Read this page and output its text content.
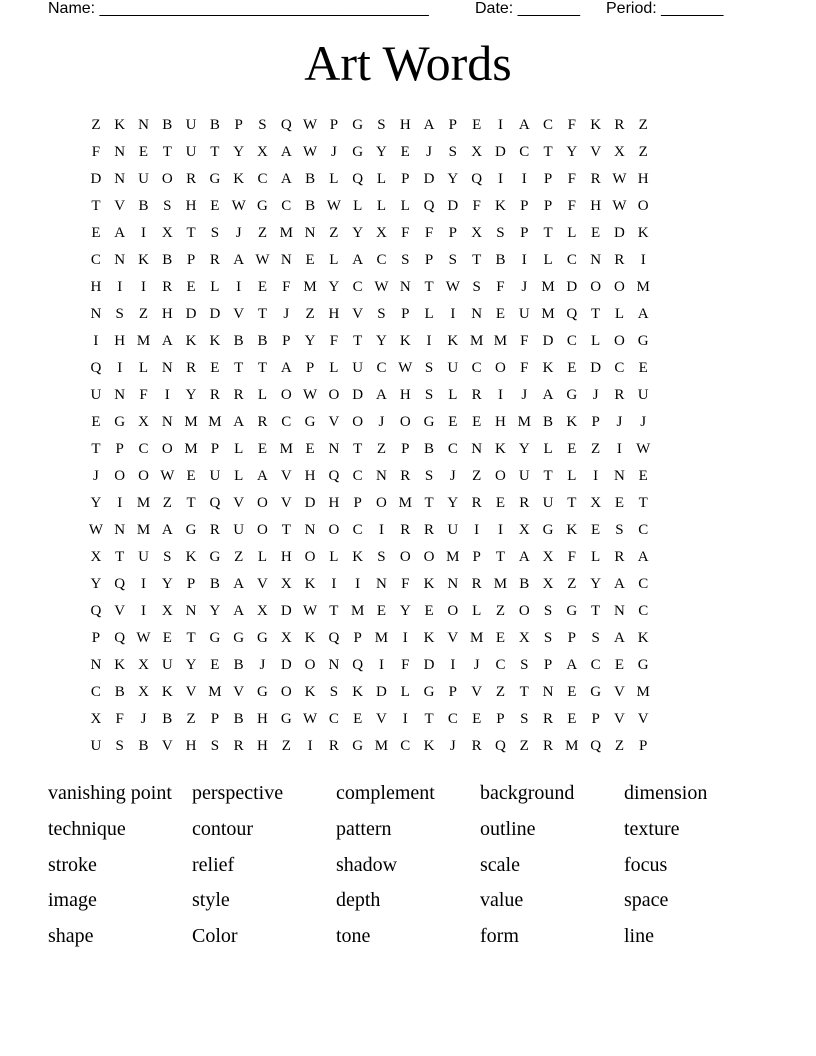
Name: _____________________________________

	Date: _______

Period: _______

Art Words
Z K N B U B P	S Q W P G S H A P	E	I	A C F K R Z
F N E T U T Y X A W J	G Y E	J	S X D C T Y V X Z
D N U O R G K C A B L Q L	P D Y Q	I	I	P	F R W H
T V B S H E W G C B W L L L Q D F K P	P	F H W O
E A	I	X T	S	J	Z M N Z Y X F	F	P X S	P	T L E D K
C N K B P R A W N E L A C S	P	S	T B	I	L C N R	I
H	I	I	R E L	I	E	F M Y C W N T W S	F	J M D O O M
N S	Z H D D V T	J	Z H V S	P	L	I	N E U M Q T L A
I	H M A K K B B P Y F	T Y K	I	K M M F D C L O G
Q	I	L N R E T T A P	L U C W S U C O F K E D C E
U N F	I	Y R R L O W O D A H S	L R	I	J	A G	J	R U
E G X N M M A R C G V O	J	O G E E H M B K P	J	J
T	P C O M P	L E M E N T Z	P B C N K Y L E Z	I W
J	O O W E U L A V H Q C N R S	J	Z O U T L	I	N E
Y	I M Z T Q V O V D H P O M T Y R E R U T X E T
W N M A G R U O T N O C	I	R R U	I	I	X G K E	S C
X T U S K G Z L H O L K S O O M P	T A X F	L R A
Y Q	I	Y P B A V X K	I	I	N F K N R M B X Z Y A C
Q V	I	X N Y A X D W T M E Y E O L Z O S G T N C
P Q W E T G G G X K Q P M I	K V M E X S	P	S A K
N K X U Y E B	J	D O N Q	I	F D	I	J	C S	P A C E G
C B X K V M V G O K S K D L G P V Z T N E G V M
X F	J	B Z	P B H G W C E V	I	T C E	P	S R E	P V V
U S B V H S R H Z	I	R G M C K	J	R Q Z R M Q Z	P
vanishing point	perspective	complement	background	dimension
technique	contour	pattern	outline	texture
stroke	relief	shadow	scale	focus
image	style	depth	value	space
shape	Color	tone	form	line
